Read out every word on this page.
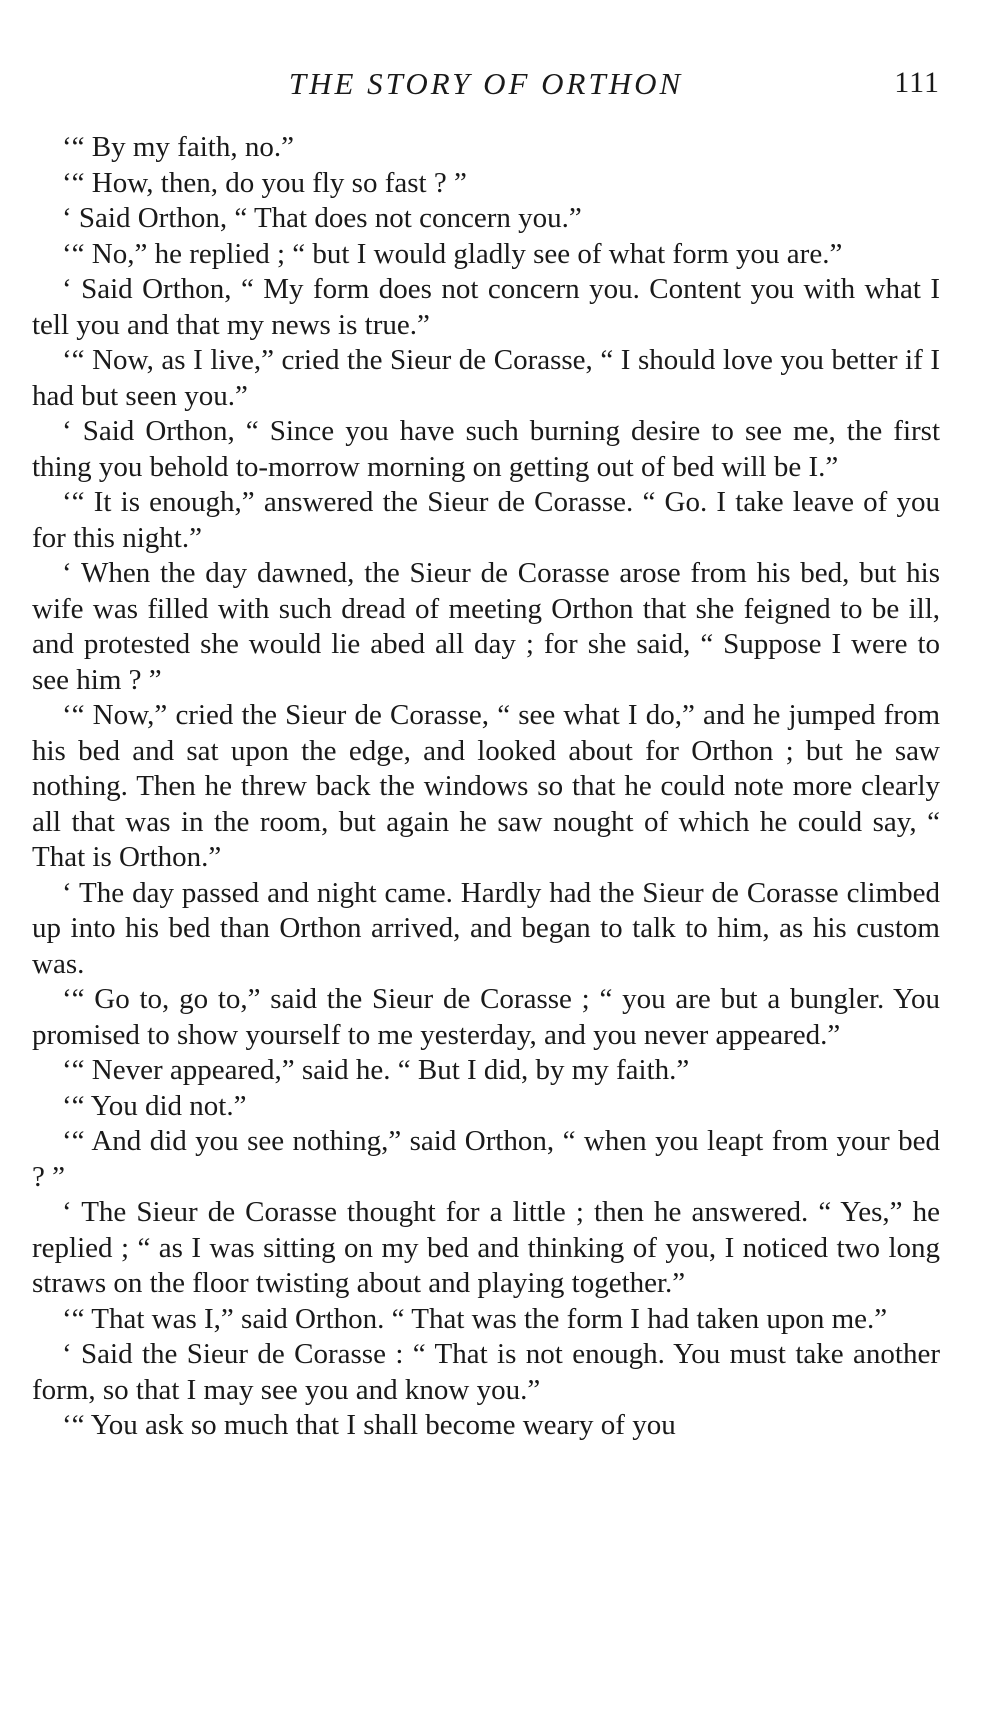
THE STORY OF ORTHON	111

‘“ By my faith, no.”

‘“ How, then, do you fly so fast ? ”

‘ Said Orthon, “ That does not concern you.”

‘“ No,” he replied ; “ but I would gladly see of what form you are.”

‘ Said Orthon, “ My form does not concern you. Content you with what I tell you and that my news is true.”

‘“ Now, as I live,” cried the Sieur de Corasse, “ I should love you better if I had but seen you.”

‘ Said Orthon, “ Since you have such burning desire to see me, the first thing you behold to-morrow morning on getting out of bed will be I.”

‘“ It is enough,” answered the Sieur de Corasse. “ Go. I take leave of you for this night.”

‘ When the day dawned, the Sieur de Corasse arose from his bed, but his wife was filled with such dread of meeting Orthon that she feigned to be ill, and protested she would lie abed all day ; for she said, “ Suppose I were to see him ? ”

‘“ Now,” cried the Sieur de Corasse, “ see what I do,” and he jumped from his bed and sat upon the edge, and looked about for Orthon ; but he saw nothing. Then he threw back the windows so that he could note more clearly all that was in the room, but again he saw nought of which he could say, “ That is Orthon.”

‘ The day passed and night came. Hardly had the Sieur de Corasse climbed up into his bed than Orthon arrived, and began to talk to him, as his custom was.

‘“ Go to, go to,” said the Sieur de Corasse ; “ you are but a bungler. You promised to show yourself to me yesterday, and you never appeared.”

‘“ Never appeared,” said he. “ But I did, by my faith.”

‘“ You did not.”

‘“ And did you see nothing,” said Orthon, “ when you leapt from your bed ? ”

‘ The Sieur de Corasse thought for a little ; then he answered. “ Yes,” he replied ; “ as I was sitting on my bed and thinking of you, I noticed two long straws on the floor twisting about and playing together.”

‘“ That was I,” said Orthon. “ That was the form I had taken upon me.”

‘ Said the Sieur de Corasse : “ That is not enough. You must take another form, so that I may see you and know you.”

‘“ You ask so much that I shall become weary of you
